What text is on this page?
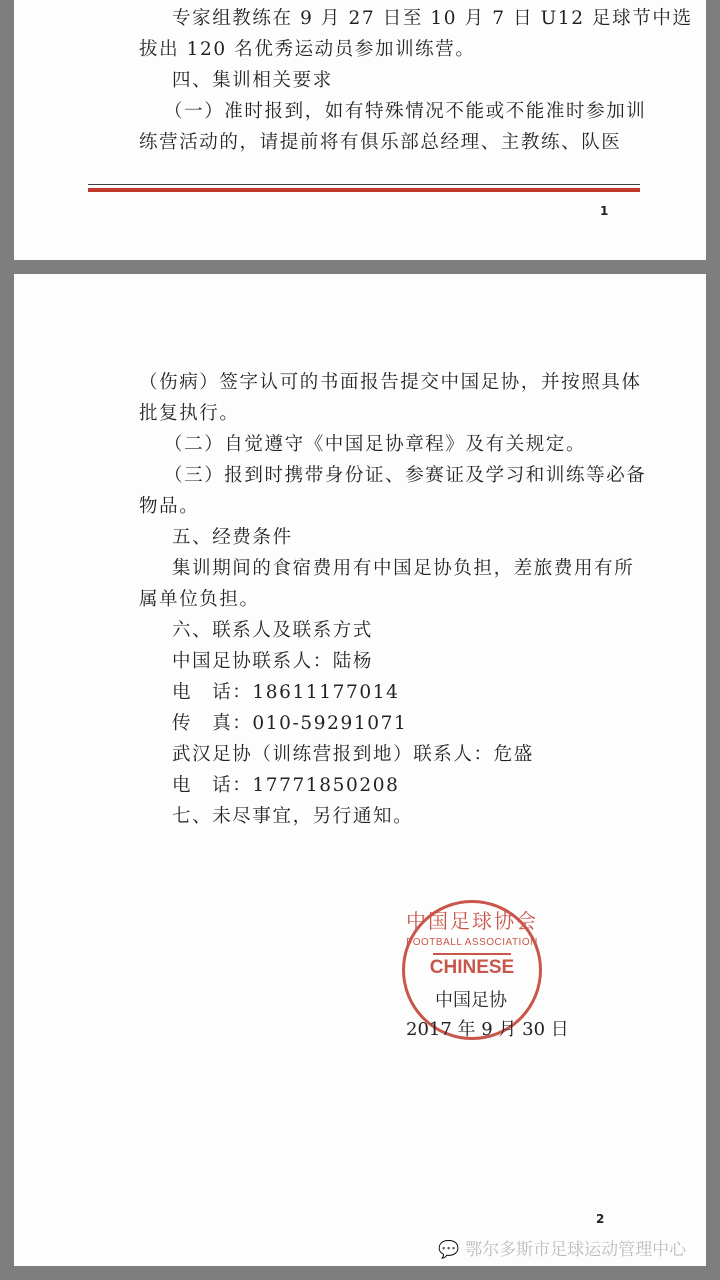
专家组教练在 9 月 27 日至 10 月 7 日 U12 足球节中选
拔出 120 名优秀运动员参加训练营。
四、集训相关要求
（一）准时报到，如有特殊情况不能或不能准时参加训
练营活动的，请提前将有俱乐部总经理、主教练、队医
1
（伤病）签字认可的书面报告提交中国足协，并按照具体
批复执行。
（二）自觉遵守《中国足协章程》及有关规定。
（三）报到时携带身份证、参赛证及学习和训练等必备
物品。
五、经费条件
集训期间的食宿费用有中国足协负担，差旅费用有所
属单位负担。
六、联系人及联系方式
中国足协联系人：陆杨
电　话：18611177014
传　真：010-59291071
武汉足协（训练营报到地）联系人：危盛
电　话：17771850208
七、未尽事宜，另行通知。
中国足球协会
FOOTBALL ASSOCIATION
CHINESE
中国足协
2017 年 9 月 30 日
2
💬 鄂尔多斯市足球运动管理中心
